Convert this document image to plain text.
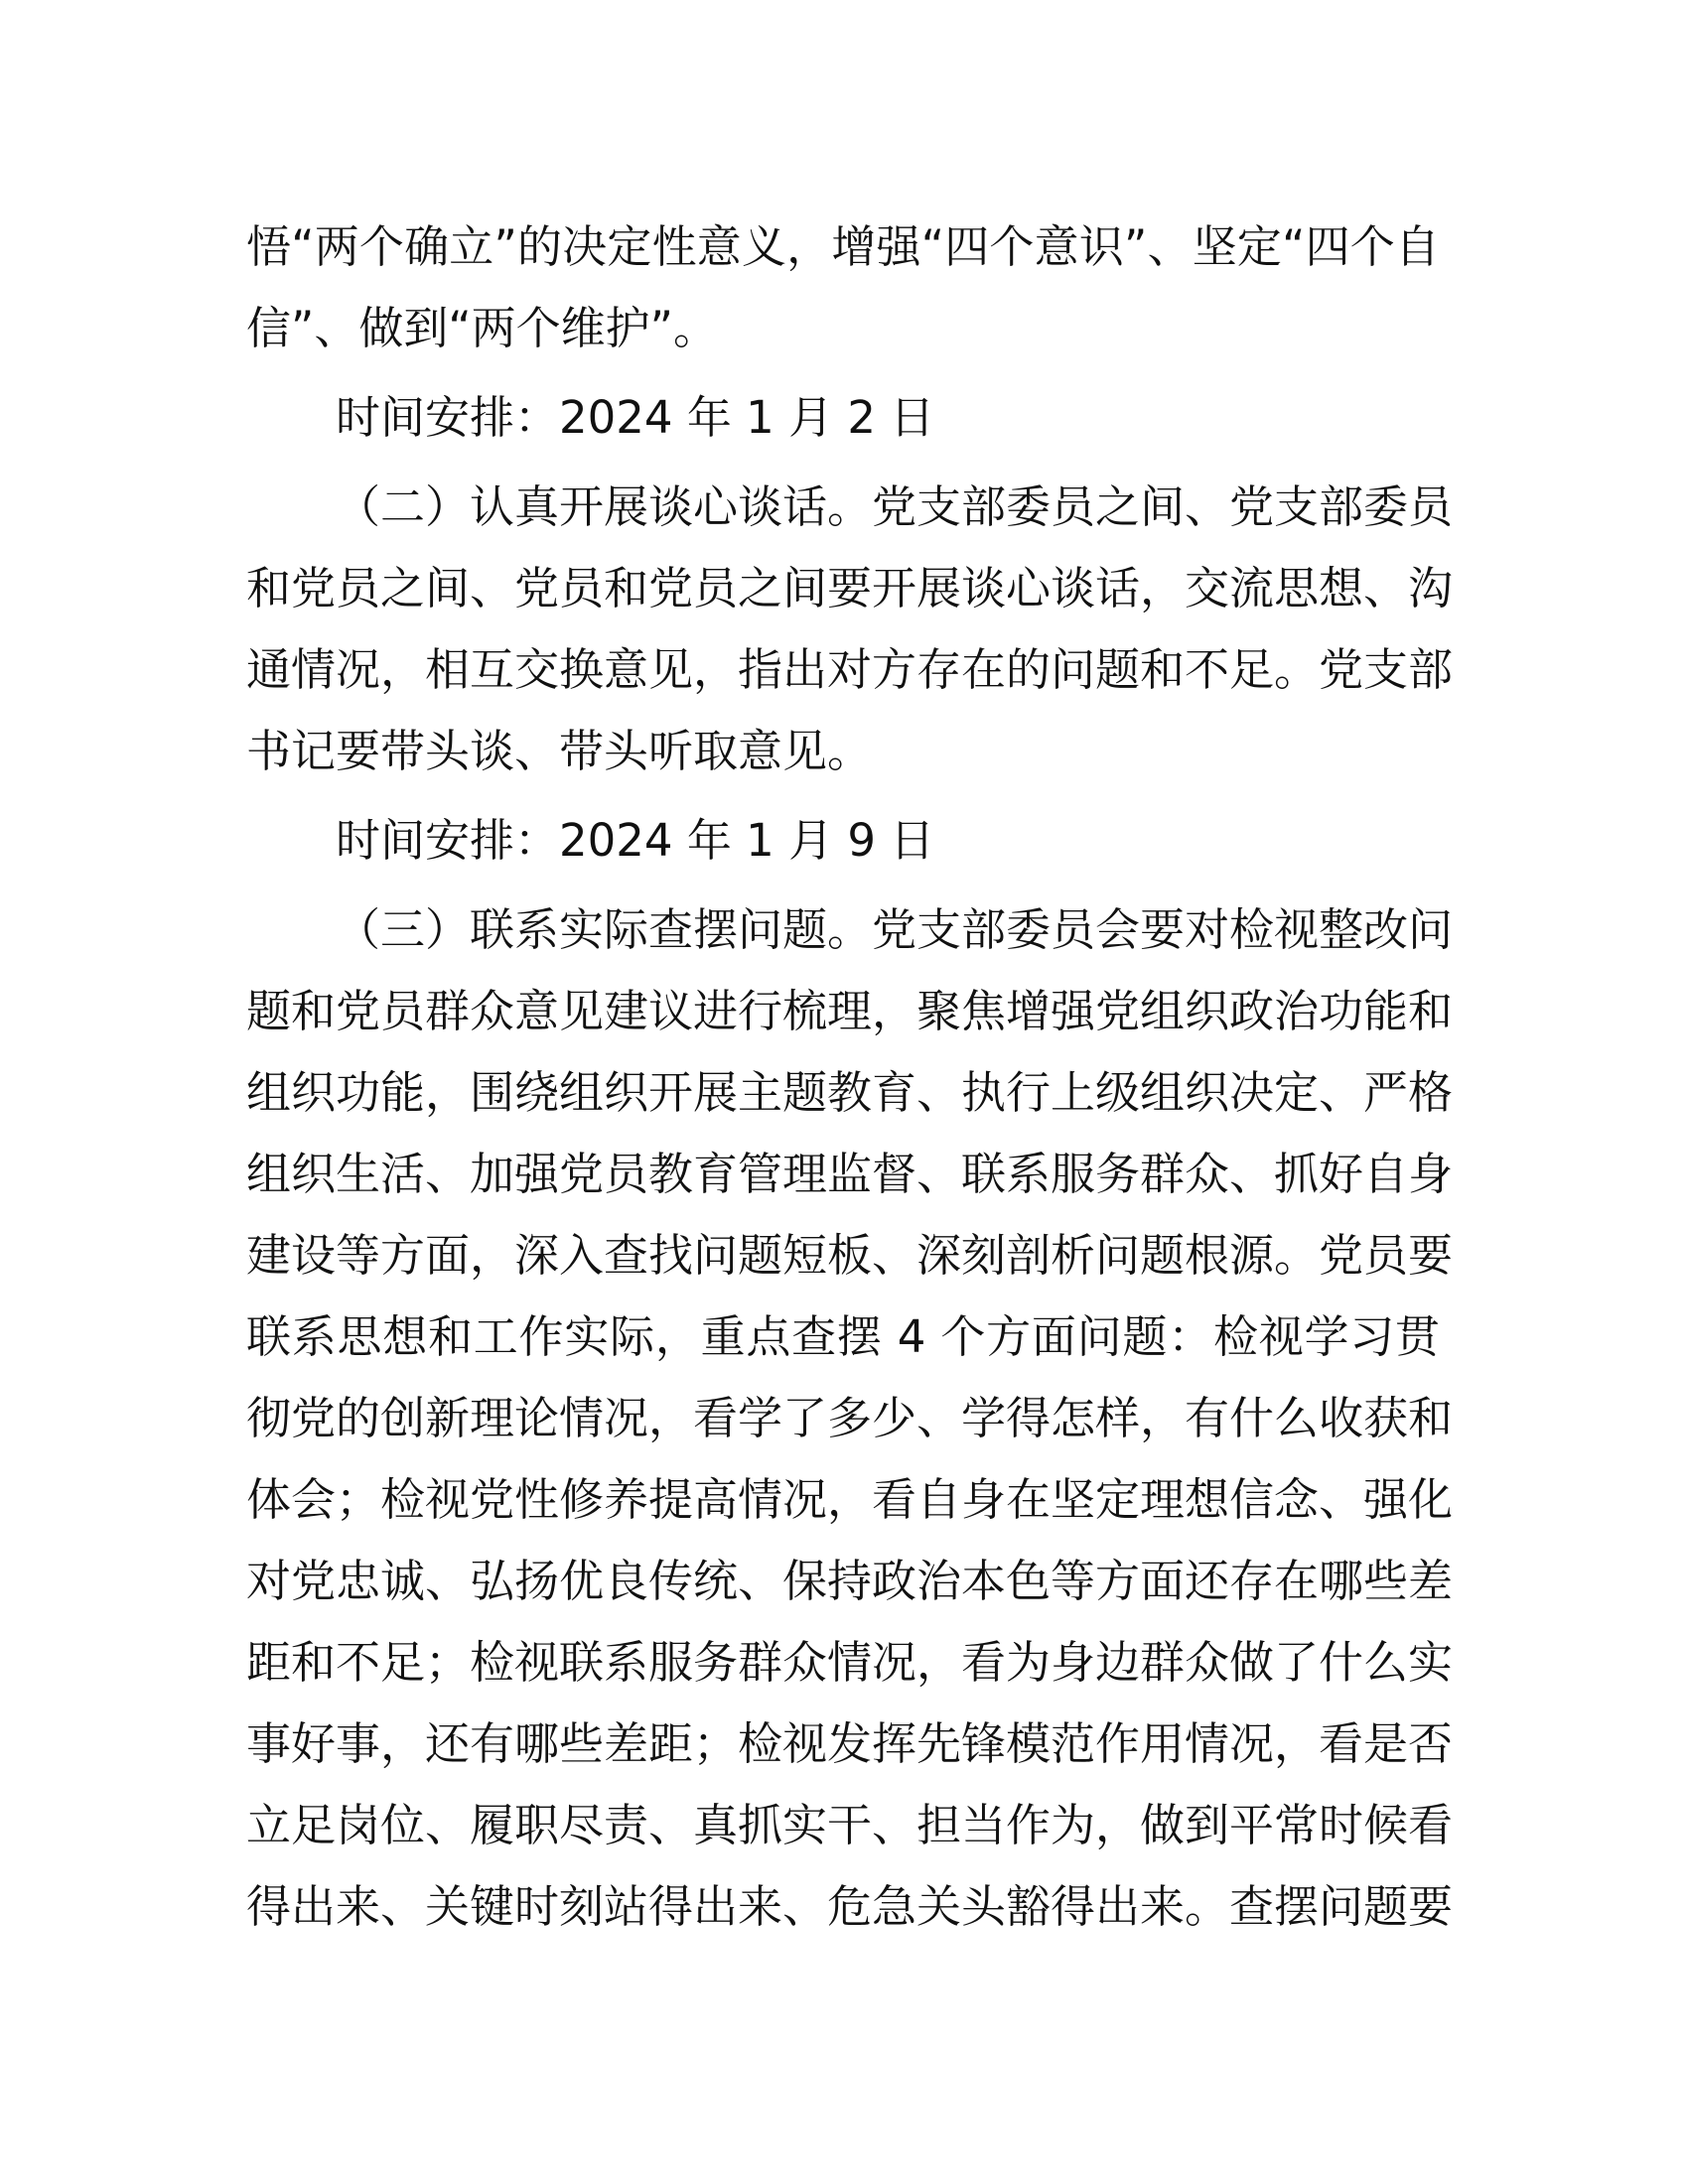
悟“两个确立”的决定性意义，增强“四个意识”、坚定“四个自
信”、做到“两个维护”。
时间安排：2024 年 1 月 2 日
（二）认真开展谈心谈话。党支部委员之间、党支部委员
和党员之间、党员和党员之间要开展谈心谈话，交流思想、沟
通情况，相互交换意见，指出对方存在的问题和不足。党支部
书记要带头谈、带头听取意见。
时间安排：2024 年 1 月 9 日
（三）联系实际查摆问题。党支部委员会要对检视整改问
题和党员群众意见建议进行梳理，聚焦增强党组织政治功能和
组织功能，围绕组织开展主题教育、执行上级组织决定、严格
组织生活、加强党员教育管理监督、联系服务群众、抓好自身
建设等方面，深入查找问题短板、深刻剖析问题根源。党员要
联系思想和工作实际，重点查摆 4 个方面问题：检视学习贯
彻党的创新理论情况，看学了多少、学得怎样，有什么收获和
体会；检视党性修养提高情况，看自身在坚定理想信念、强化
对党忠诚、弘扬优良传统、保持政治本色等方面还存在哪些差
距和不足；检视联系服务群众情况，看为身边群众做了什么实
事好事，还有哪些差距；检视发挥先锋模范作用情况，看是否
立足岗位、履职尽责、真抓实干、担当作为，做到平常时候看
得出来、关键时刻站得出来、危急关头豁得出来。查摆问题要
